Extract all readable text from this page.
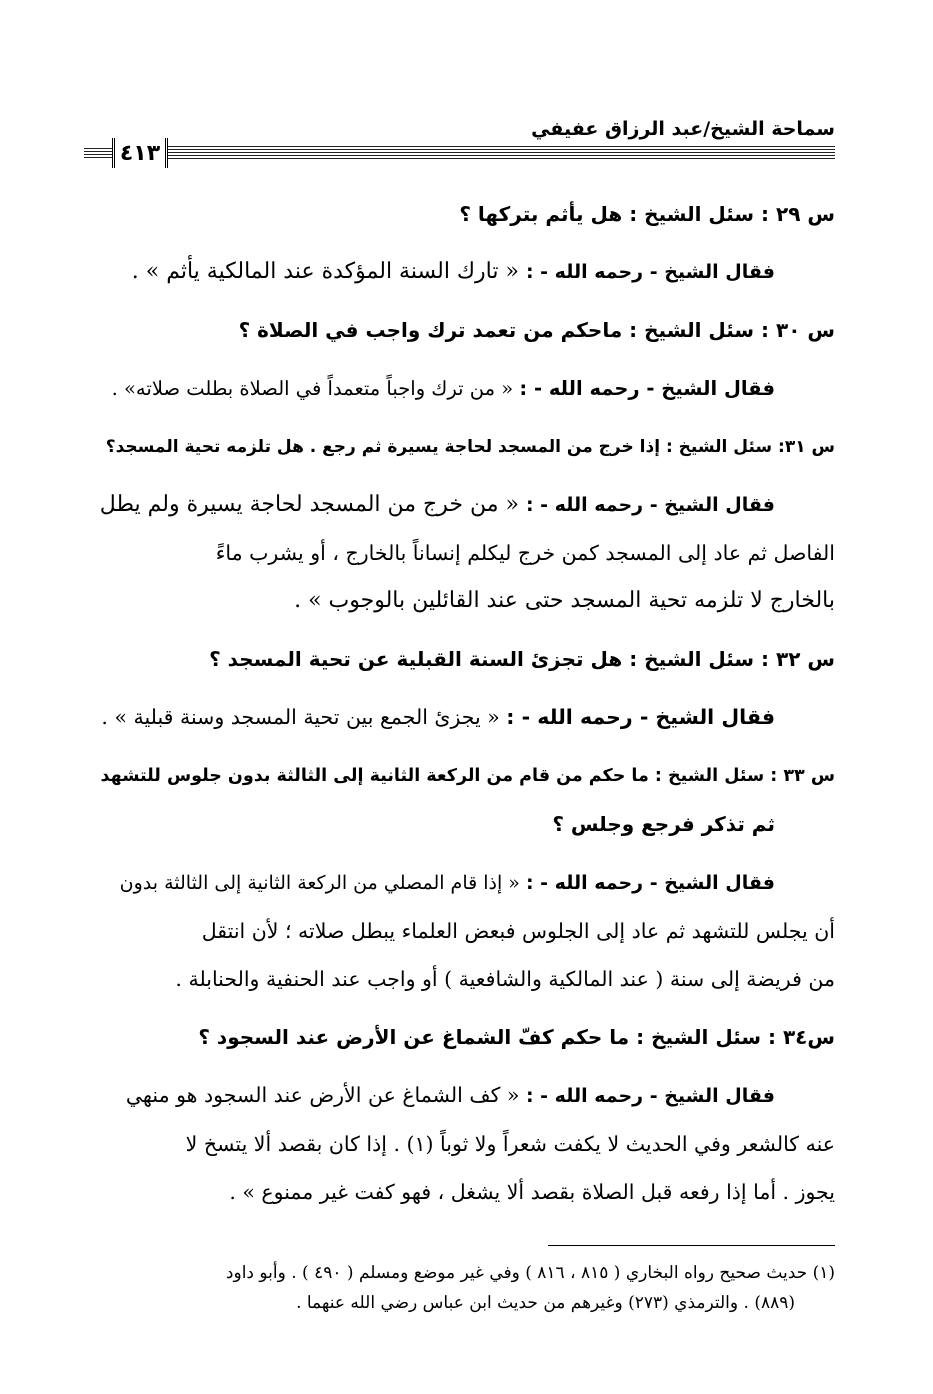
سماحة الشيخ/عبد الرزاق عفيفي
٤١٣
س ٢٩ : سئل الشيخ : هل يأثم بتركها ؟
فقال الشيخ - رحمه الله - : « تارك السنة المؤكدة عند المالكية يأثم » .
س ٣٠ : سئل الشيخ : ماحكم من تعمد ترك واجب في الصلاة ؟
فقال الشيخ - رحمه الله - : « من ترك واجباً متعمداً في الصلاة بطلت صلاته» .
س ٣١: سئل الشيخ : إذا خرج من المسجد لحاجة يسيرة ثم رجع . هل تلزمه تحية المسجد؟
فقال الشيخ - رحمه الله - : « من خرج من المسجد لحاجة يسيرة ولم يطل
الفاصل ثم عاد إلى المسجد كمن خرج ليكلم إنساناً بالخارج ، أو يشرب ماءً
بالخارج لا تلزمه تحية المسجد حتى عند القائلين بالوجوب » .
س ٣٢ : سئل الشيخ : هل تجزئ السنة القبلية عن تحية المسجد ؟
فقال الشيخ - رحمه الله - : « يجزئ الجمع بين تحية المسجد وسنة قبلية » .
س ٣٣ : سئل الشيخ : ما حكم من قام من الركعة الثانية إلى الثالثة بدون جلوس للتشهد
ثم تذكر فرجع وجلس ؟
فقال الشيخ - رحمه الله - : « إذا قام المصلي من الركعة الثانية إلى الثالثة بدون
أن يجلس للتشهد ثم عاد إلى الجلوس فبعض العلماء يبطل صلاته ؛ لأن انتقل
من فريضة إلى سنة ( عند المالكية والشافعية ) أو واجب عند الحنفية والحنابلة .
س٣٤ : سئل الشيخ : ما حكم كفّ الشماغ عن الأرض عند السجود ؟
فقال الشيخ - رحمه الله - : « كف الشماغ عن الأرض عند السجود هو منهي
عنه كالشعر وفي الحديث لا يكفت شعراً ولا ثوباً (١) . إذا كان بقصد ألا يتسخ لا
يجوز . أما إذا رفعه قبل الصلاة بقصد ألا يشغل ، فهو كفت غير ممنوع » .
(١) حديث صحيح رواه البخاري ( ٨١٥ ، ٨١٦ ) وفي غير موضع ومسلم ( ٤٩٠ ) . وأبو داود
(٨٨٩) . والترمذي (٢٧٣) وغيرهم من حديث ابن عباس رضي الله عنهما .
